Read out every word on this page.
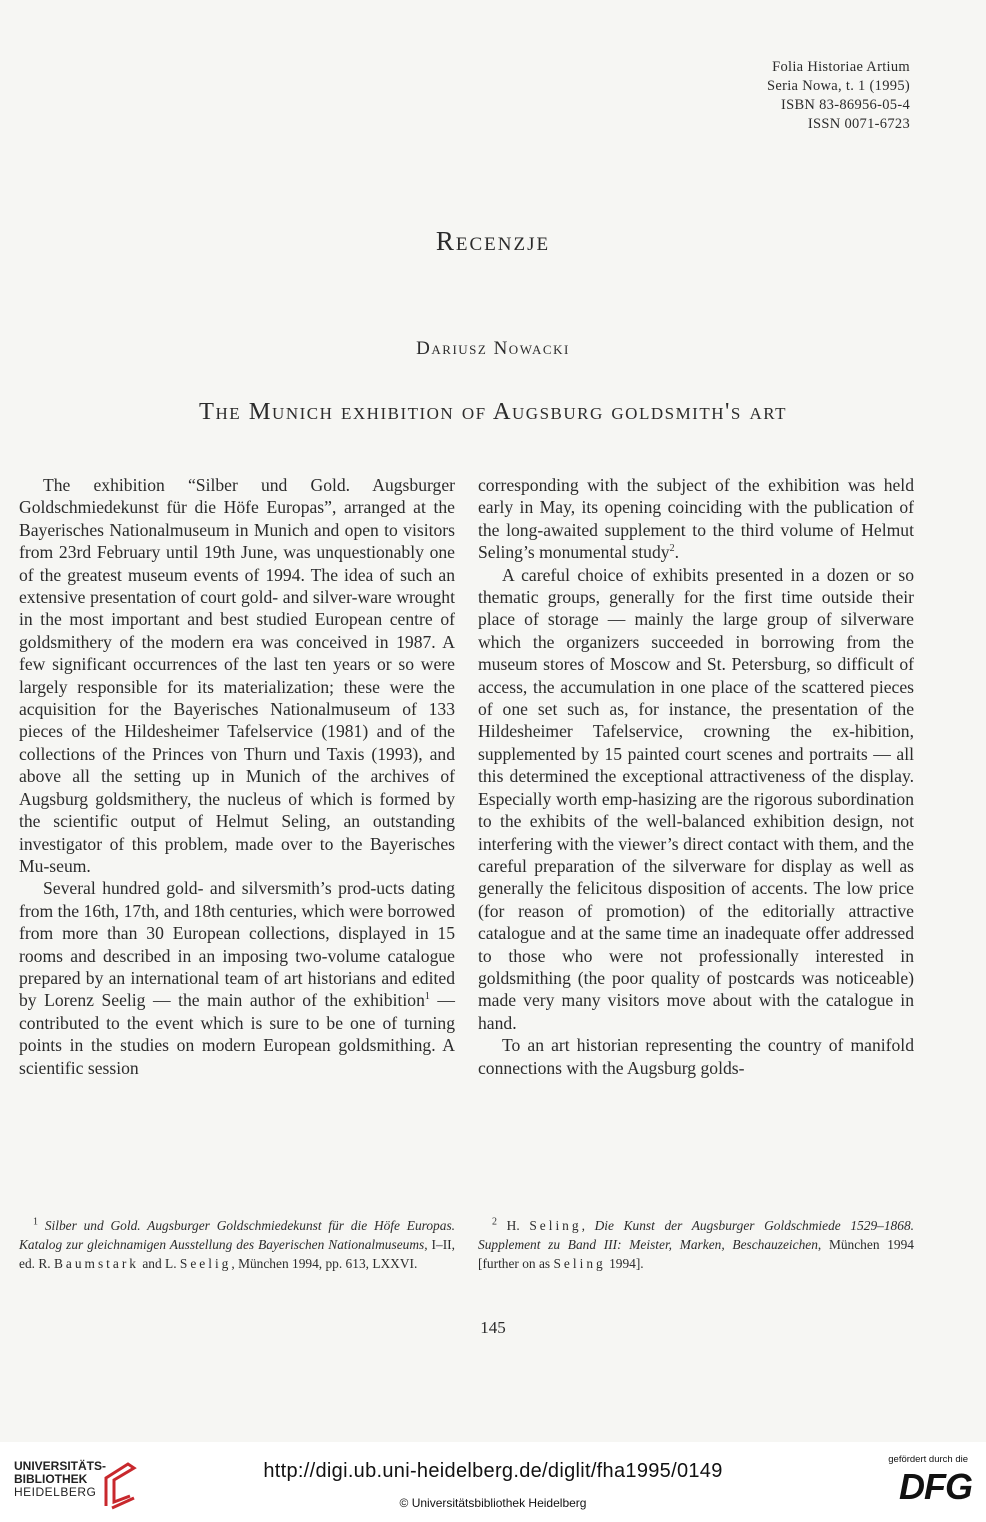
Folia Historiae Artium
Seria Nowa, t. 1 (1995)
ISBN 83-86956-05-4
ISSN 0071-6723
Recenzje
Dariusz Nowacki
The Munich exhibition of Augsburg goldsmith's art

The exhibition “Silber und Gold. Augsburger Goldschmiedekunst für die Höfe Europas”, arranged at the Bayerisches Nationalmuseum in Munich and open to visitors from 23rd February until 19th June, was unquestionably one of the greatest museum events of 1994. The idea of such an extensive presentation of court gold- and silver-ware wrought in the most important and best studied European centre of goldsmithery of the modern era was conceived in 1987. A few significant occurrences of the last ten years or so were largely responsible for its materialization; these were the acquisition for the Bayerisches Nationalmuseum of 133 pieces of the Hildesheimer Tafelservice (1981) and of the collections of the Princes von Thurn und Taxis (1993), and above all the setting up in Munich of the archives of Augsburg goldsmithery, the nucleus of which is formed by the scientific output of Helmut Seling, an outstanding investigator of this problem, made over to the Bayerisches Mu-seum.

Several hundred gold- and silversmith’s prod-ucts dating from the 16th, 17th, and 18th centuries, which were borrowed from more than 30 European collections, displayed in 15 rooms and described in an imposing two-volume catalogue prepared by an international team of art historians and edited by Lorenz Seelig — the main author of the exhibition$^1$ — contributed to the event which is sure to be one of turning points in the studies on modern European goldsmithing. A scientific session

corresponding with the subject of the exhibition was held early in May, its opening coinciding with the publication of the long-awaited supplement to the third volume of Helmut Seling’s monumental study$^2$.

A careful choice of exhibits presented in a dozen or so thematic groups, generally for the first time outside their place of storage — mainly the large group of silverware which the organizers succeeded in borrowing from the museum stores of Moscow and St. Petersburg, so difficult of access, the accumulation in one place of the scattered pieces of one set such as, for instance, the presentation of the Hildesheimer Tafelservice, crowning the ex-hibition, supplemented by 15 painted court scenes and portraits — all this determined the exceptional attractiveness of the display. Especially worth emp-hasizing are the rigorous subordination to the exhibits of the well-balanced exhibition design, not interfering with the viewer’s direct contact with them, and the careful preparation of the silverware for display as well as generally the felicitous disposition of accents. The low price (for reason of promotion) of the editorially attractive catalogue and at the same time an inadequate offer addressed to those who were not professionally interested in goldsmithing (the poor quality of postcards was noticeable) made very many visitors move about with the catalogue in hand.

To an art historian representing the country of manifold connections with the Augsburg golds-

$^1$ Silber und Gold. Augsburger Goldschmiedekunst für die Höfe Europas. Katalog zur gleichnamigen Ausstellung des Bayerischen Nationalmuseums, I–II, ed. R. Baumstark and L. Seelig, München 1994, pp. 613, LXXVI.

$^2$ H. Seling, Die Kunst der Augsburger Goldschmiede 1529–1868. Supplement zu Band III: Meister, Marken, Beschauzeichen, München 1994 [further on as Seling 1994].

145
UNIVERSITÄTS-
BIBLIOTHEK
HEIDELBERG
http://digi.ub.uni-heidelberg.de/diglit/fha1995/0149
© Universitätsbibliothek Heidelberg
gefördert durch die
DFG
